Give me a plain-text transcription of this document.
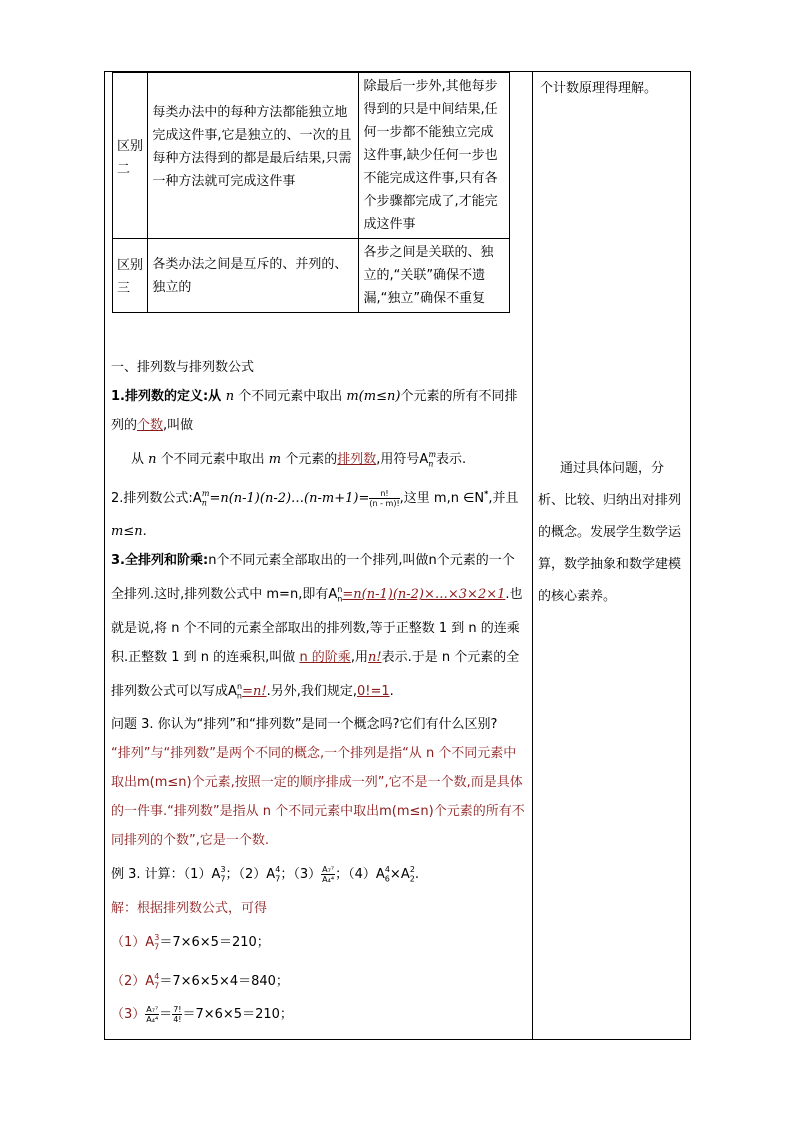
个计数原理得理解。
通过具体问题，分析、比较、归纳出对排列的概念。发展学生数学运算，数学抽象和数学建模的核心素养。
区别二	每类办法中的每种方法都能独立地完成这件事,它是独立的、一次的且每种方法得到的都是最后结果,只需一种方法就可完成这件事	除最后一步外,其他每步得到的只是中间结果,任何一步都不能独立完成这件事,缺少任何一步也不能完成这件事,只有各个步骤都完成了,才能完成这件事
区别三	各类办法之间是互斥的、并列的、独立的	各步之间是关联的、独立的,“关联”确保不遗漏,“独立”确保不重复

一、排列数与排列数公式

1.排列数的定义:从 n 个不同元素中取出 m(m≤n)个元素的所有不同排列的个数,叫做

从 n 个不同元素中取出 m 个元素的排列数,用符号$A_n^m$表示.

2.排列数公式$:A_n^m=n(n-1)(n-2)\dots(n-m+1)= \frac{n!}{(n - m)!}$ ,这里 m,n ∈N*,并且
m≤n.

3.全排列和阶乘:n个不同元素全部取出的一个排列,叫做n个元素的一个全排列.这时,排列数公式中 m=n,即有$A_n^n=n(n-1)(n-2)\times\dots\times 3\times 2\times 1$.也就是说,将 n 个不同的元素全部取出的排列数,等于正整数 1 到 n 的连乘积.正整数 1 到 n 的连乘积,叫做 n 的阶乘,用n!表示.于是 n 个元素的全排列数公式可以写成$A_n^n=n$!.另外,我们规定,0!=1.

问题 3. 你认为“排列”和“排列数”是同一个概念吗?它们有什么区别?

“排列”与“排列数”是两个不同的概念,一个排列是指“从 n 个不同元素中取出m(m≤n)个元素,按照一定的顺序排成一列”,它不是一个数,而是具体的一件事.“排列数”是指从 n 个不同元素中取出m(m≤n)个元素的所有不同排列的个数”,它是一个数.

例 3. 计算：$(1)A_7^3$；$(2)A_7^4$；$(3) \frac{\text{A₇⁷}}{\text{A₄⁴}}$ ；$(4)A_6^4\times A_2^2$.

解：根据排列数公式，可得

$(1)A_7^3=7\times 6\times 5=210$；

$(2)A_7^4=7\times 6\times 5\times 4=840$；

$(3) \frac{\text{A₇⁷}}{\text{A₄⁴}} = \frac{7!}{4!} =7\times 6\times 5=210$；
